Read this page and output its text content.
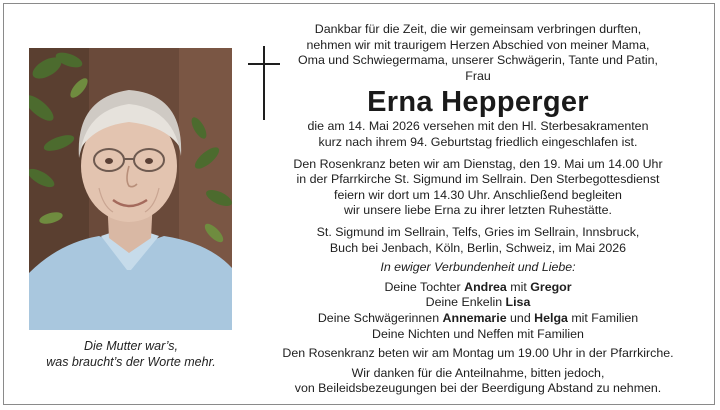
Die Mutter war’s,
was braucht’s der Worte mehr.

Dankbar für die Zeit, die wir gemeinsam verbringen durften,

nehmen wir mit traurigem Herzen Abschied von meiner Mama,

Oma und Schwiegermama, unserer Schwägerin, Tante und Patin,

Frau

Erna Hepperger

die am 14. Mai 2026 versehen mit den Hl. Sterbesakramenten

kurz nach ihrem 94. Geburtstag friedlich eingeschlafen ist.

Den Rosenkranz beten wir am Dienstag, den 19. Mai um 14.00 Uhr

in der Pfarrkirche St. Sigmund im Sellrain. Den Sterbegottesdienst

feiern wir dort um 14.30 Uhr. Anschließend begleiten

wir unsere liebe Erna zu ihrer letzten Ruhestätte.

St. Sigmund im Sellrain, Telfs, Gries im Sellrain, Innsbruck,

Buch bei Jenbach, Köln, Berlin, Schweiz, im Mai 2026

In ewiger Verbundenheit und Liebe:

Deine Tochter Andrea mit Gregor

Deine Enkelin Lisa

Deine Schwägerinnen Annemarie und Helga mit Familien

Deine Nichten und Neffen mit Familien

Den Rosenkranz beten wir am Montag um 19.00 Uhr in der Pfarrkirche.

Wir danken für die Anteilnahme, bitten jedoch,

von Beileidsbezeugungen bei der Beerdigung Abstand zu nehmen.
